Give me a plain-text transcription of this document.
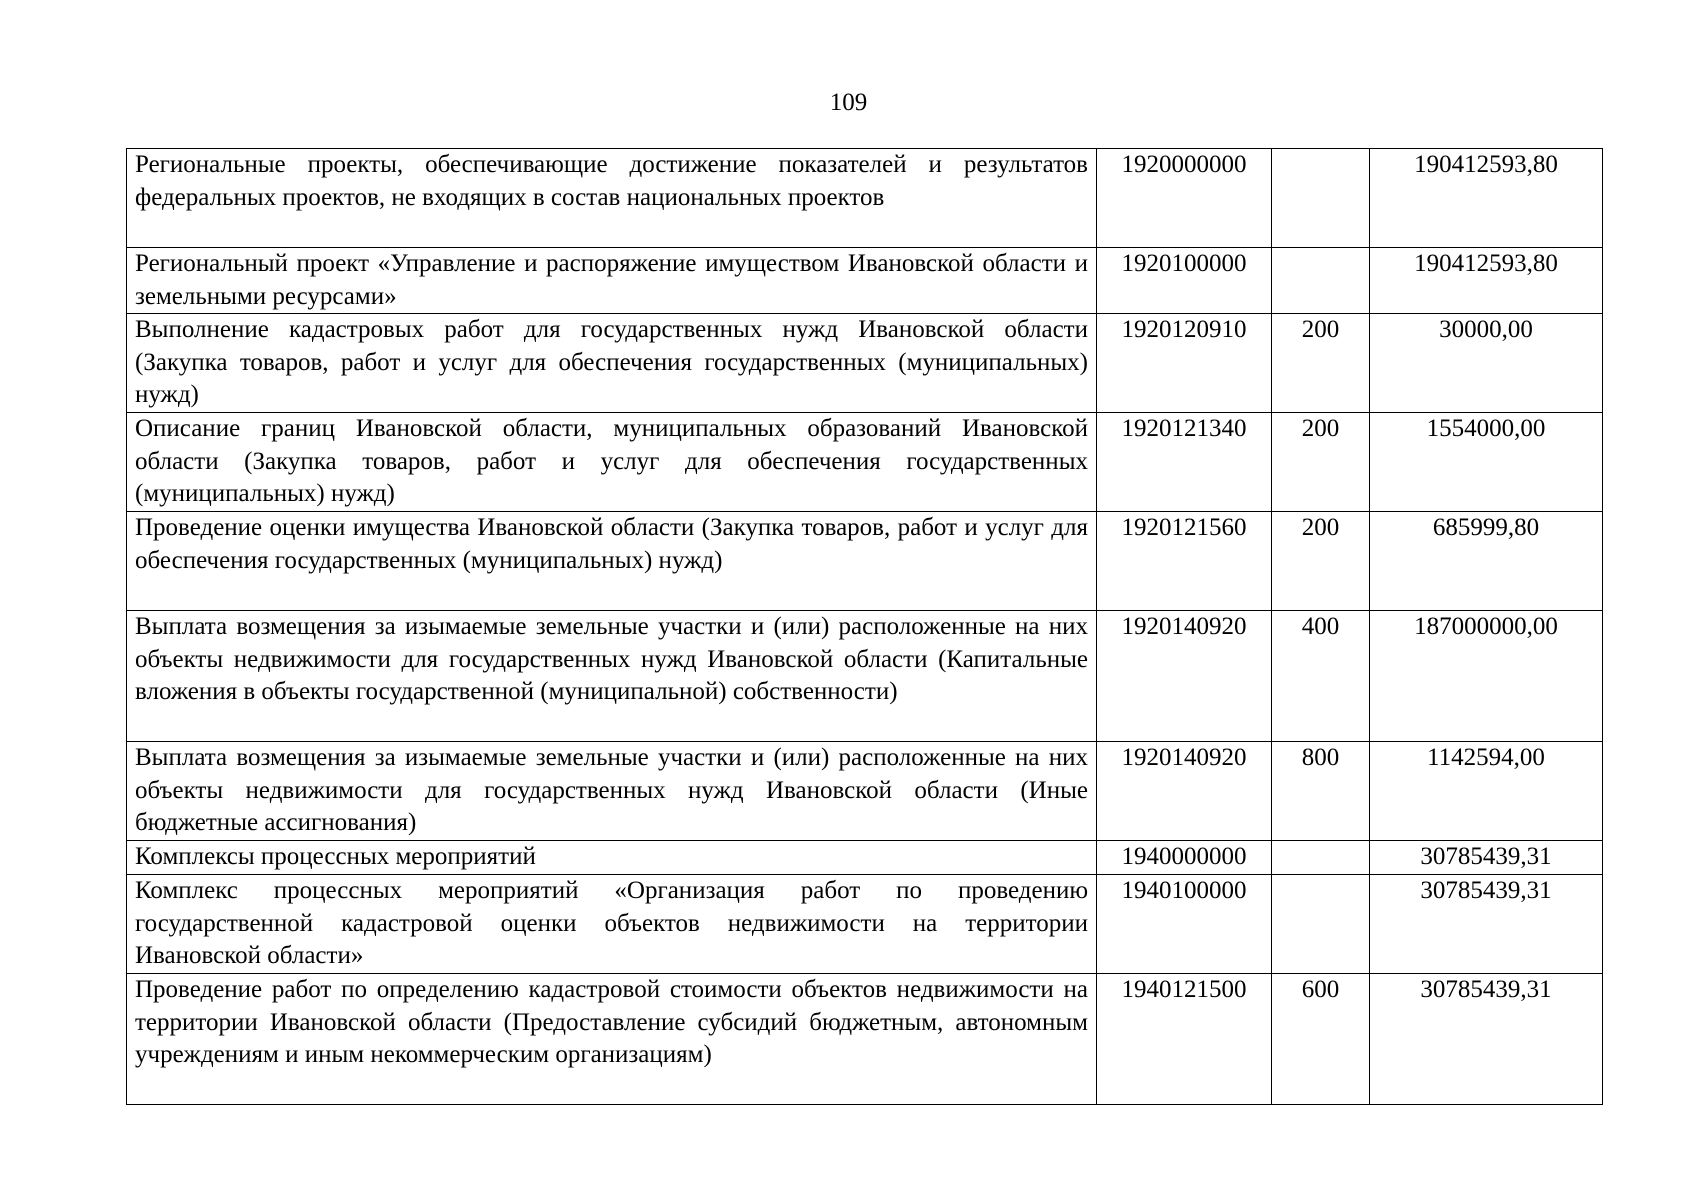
109
Региональные проекты, обеспечивающие достижение показателей и результатов федеральных проектов, не входящих в состав национальных проектов	1920000000		190412593,80
Региональный проект «Управление и распоряжение имуществом Ивановской области и земельными ресурсами»	1920100000		190412593,80
Выполнение кадастровых работ для государственных нужд Ивановской области (Закупка товаров, работ и услуг для обеспечения государственных (муниципальных) нужд)	1920120910	200	30000,00
Описание границ Ивановской области, муниципальных образований Ивановской области (Закупка товаров, работ и услуг для обеспечения государственных (муниципальных) нужд)	1920121340	200	1554000,00
Проведение оценки имущества Ивановской области (Закупка товаров, работ и услуг для обеспечения государственных (муниципальных) нужд)	1920121560	200	685999,80
Выплата возмещения за изымаемые земельные участки и (или) расположенные на них объекты недвижимости для государственных нужд Ивановской области (Капитальные вложения в объекты государственной (муниципальной) собственности)	1920140920	400	187000000,00
Выплата возмещения за изымаемые земельные участки и (или) расположенные на них объекты недвижимости для государственных нужд Ивановской области (Иные бюджетные ассигнования)	1920140920	800	1142594,00
Комплексы процессных мероприятий	1940000000		30785439,31
Комплекс процессных мероприятий «Организация работ по проведению государственной кадастровой оценки объектов недвижимости на территории Ивановской области»	1940100000		30785439,31
Проведение работ по определению кадастровой стоимости объектов недвижимости на территории Ивановской области (Предоставление субсидий бюджетным, автономным учреждениям и иным некоммерческим организациям)	1940121500	600	30785439,31
